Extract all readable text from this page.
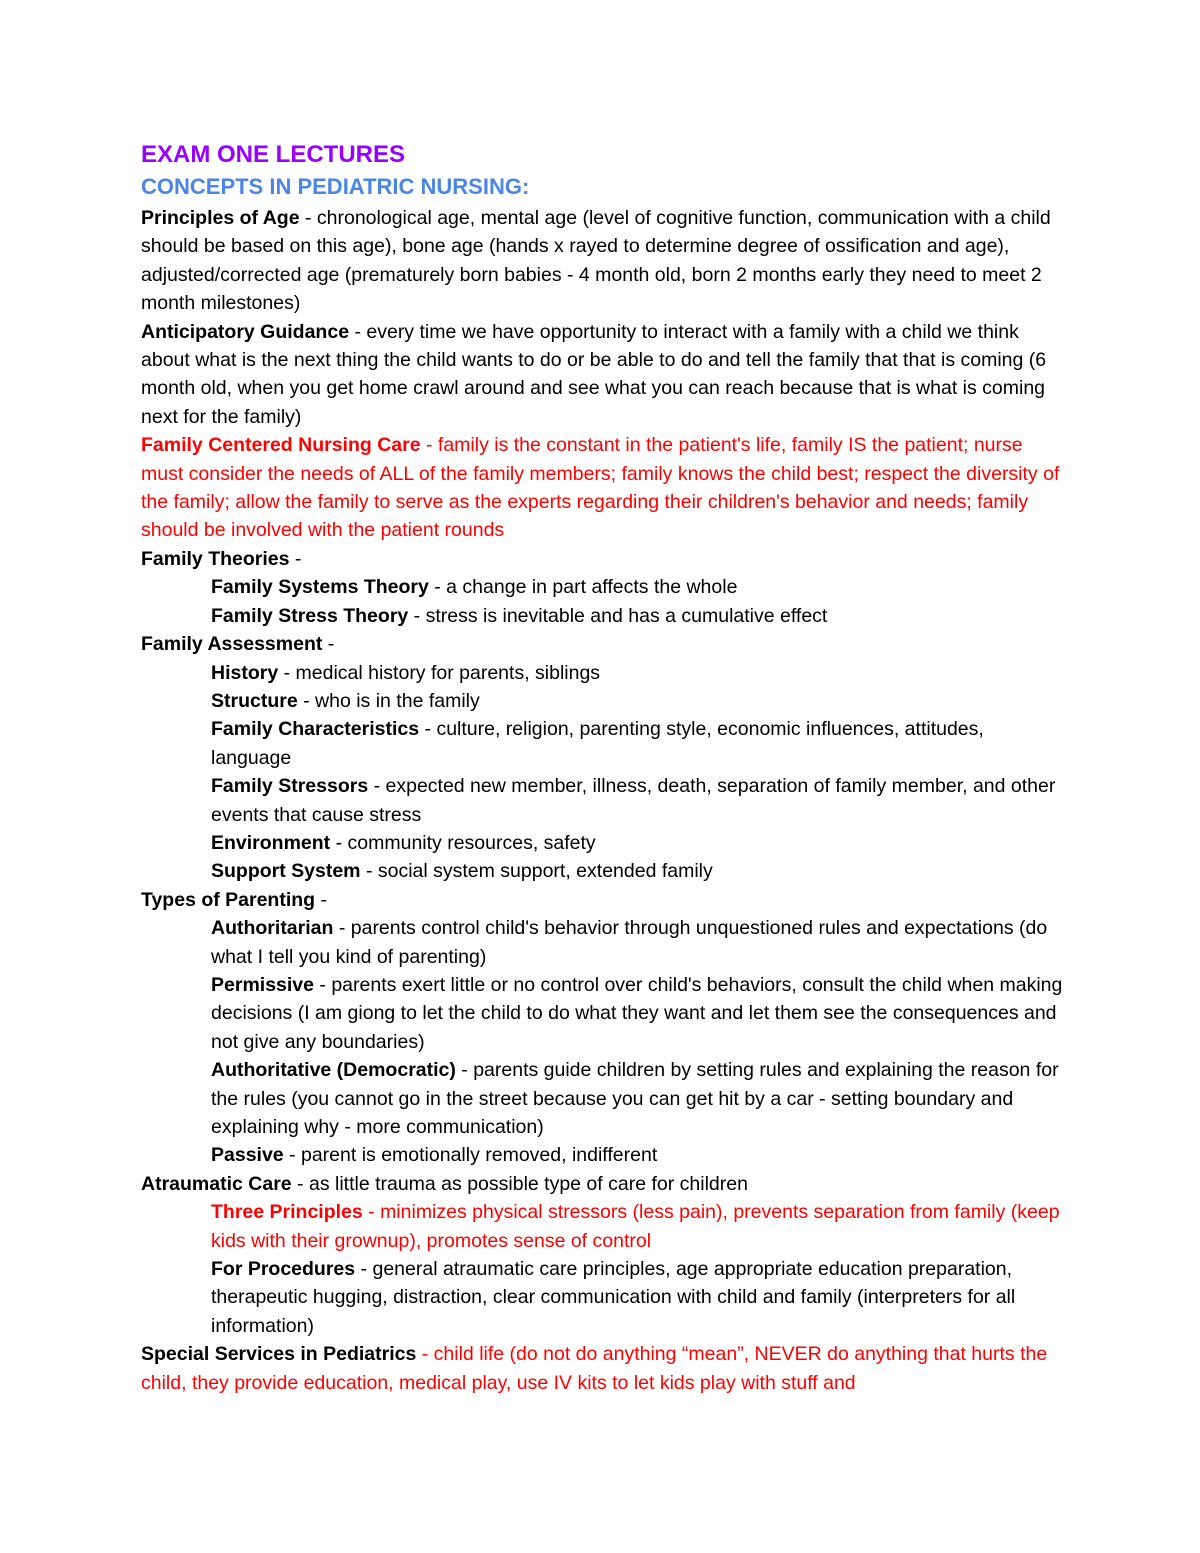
EXAM ONE LECTURES
CONCEPTS IN PEDIATRIC NURSING:

Principles of Age - chronological age, mental age (level of cognitive function, communication with a child should be based on this age), bone age (hands x rayed to determine degree of ossification and age), adjusted/corrected age (prematurely born babies - 4 month old, born 2 months early they need to meet 2 month milestones)

Anticipatory Guidance - every time we have opportunity to interact with a family with a child we think about what is the next thing the child wants to do or be able to do and tell the family that that is coming (6 month old, when you get home crawl around and see what you can reach because that is what is coming next for the family)

Family Centered Nursing Care - family is the constant in the patient's life, family IS the patient; nurse must consider the needs of ALL of the family members; family knows the child best; respect the diversity of the family; allow the family to serve as the experts regarding their children's behavior and needs; family should be involved with the patient rounds

Family Theories -

Family Systems Theory - a change in part affects the whole

Family Stress Theory - stress is inevitable and has a cumulative effect

Family Assessment -

History - medical history for parents, siblings

Structure - who is in the family

Family Characteristics - culture, religion, parenting style, economic influences, attitudes, language

Family Stressors - expected new member, illness, death, separation of family member, and other events that cause stress

Environment - community resources, safety

Support System - social system support, extended family

Types of Parenting -

Authoritarian - parents control child's behavior through unquestioned rules and expectations (do what I tell you kind of parenting)

Permissive - parents exert little or no control over child's behaviors, consult the child when making decisions (I am giong to let the child to do what they want and let them see the consequences and not give any boundaries)

Authoritative (Democratic) - parents guide children by setting rules and explaining the reason for the rules (you cannot go in the street because you can get hit by a car - setting boundary and explaining why - more communication)

Passive - parent is emotionally removed, indifferent

Atraumatic Care - as little trauma as possible type of care for children

Three Principles - minimizes physical stressors (less pain), prevents separation from family (keep kids with their grownup), promotes sense of control

For Procedures - general atraumatic care principles, age appropriate education preparation, therapeutic hugging, distraction, clear communication with child and family (interpreters for all information)

Special Services in Pediatrics - child life (do not do anything “mean”, NEVER do anything that hurts the child, they provide education, medical play, use IV kits to let kids play with stuff and
